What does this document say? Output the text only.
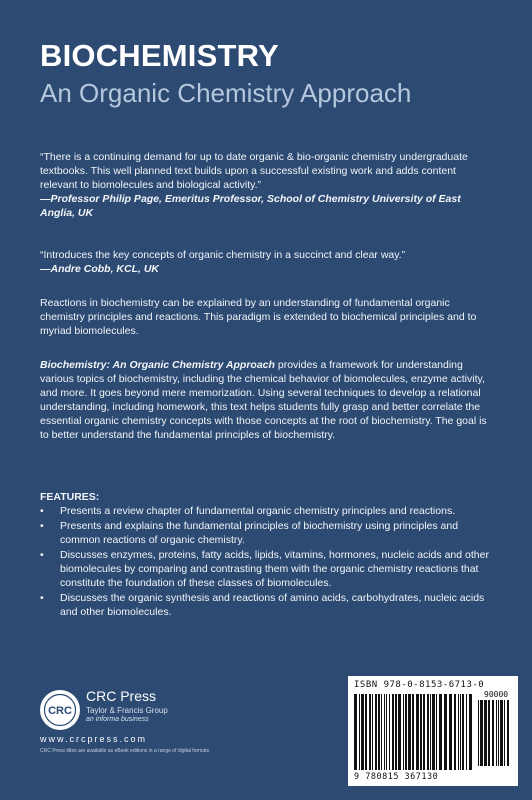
BIOCHEMISTRY
An Organic Chemistry Approach

“There is a continuing demand for up to date organic & bio-organic chemistry undergraduate textbooks. This well planned text builds upon a successful existing work and adds content relevant to biomolecules and biological activity.”

—Professor Philip Page, Emeritus Professor, School of Chemistry University of East Anglia, UK

“Introduces the key concepts of organic chemistry in a succinct and clear way.”

—Andre Cobb, KCL, UK

Reactions in biochemistry can be explained by an understanding of fundamental organic chemistry principles and reactions. This paradigm is extended to biochemical principles and to myriad biomolecules.

Biochemistry: An Organic Chemistry Approach provides a framework for understanding various topics of biochemistry, including the chemical behavior of biomolecules, enzyme activity, and more. It goes beyond mere memorization. Using several techniques to develop a relational understanding, including homework, this text helps students fully grasp and better correlate the essential organic chemistry concepts with those concepts at the root of biochemistry. The goal is to better understand the fundamental principles of biochemistry.

FEATURES:

• Presents a review chapter of fundamental organic chemistry principles and reactions.
• Presents and explains the fundamental principles of biochemistry using principles and common reactions of organic chemistry.
• Discusses enzymes, proteins, fatty acids, lipids, vitamins, hormones, nucleic acids and other biomolecules by comparing and contrasting them with the organic chemistry reactions that constitute the foundation of these classes of biomolecules.
• Discusses the organic synthesis and reactions of amino acids, carbohydrates, nucleic acids and other biomolecules.
CRC
CRC Press
Taylor & Francis Group
an informa business
www.crcpress.com
CRC Press titles are available as eBook editions in a range of digital formats
ISBN 978-0-8153-6713-0
90000
9 780815 367130
